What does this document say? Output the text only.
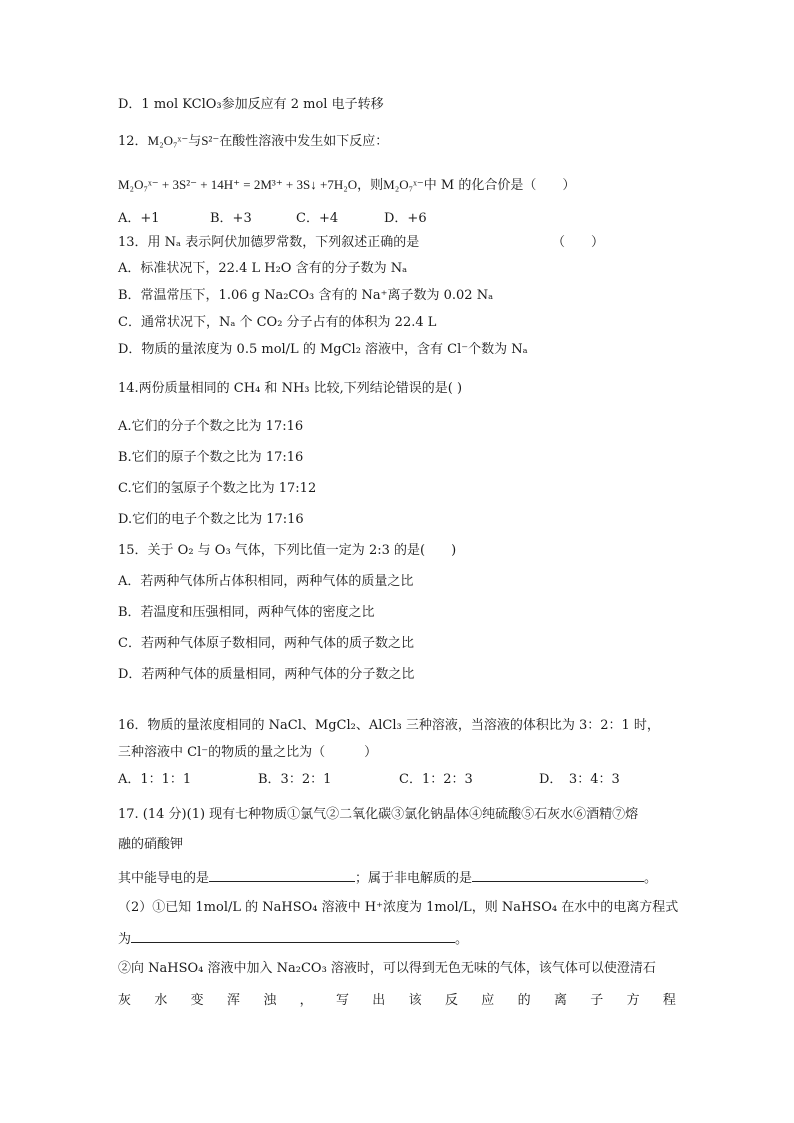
D．1 mol KClO₃参加反应有 2 mol 电子转移
12．M₂O₇ˣ⁻与S²⁻在酸性溶液中发生如下反应：
M₂O₇ˣ⁻ + 3S²⁻ + 14H⁺ = 2M³⁺ + 3S↓ +7H₂O，则M₂O₇ˣ⁻中 M 的化合价是（　　）
A．+1	B．+3	C．+4	D．+6
13．用 Nₐ 表示阿伏加德罗常数，下列叙述正确的是	（　　）
A．标准状况下，22.4 L H₂O 含有的分子数为 Nₐ
B．常温常压下，1.06 g Na₂CO₃ 含有的 Na⁺离子数为 0.02 Nₐ
C．通常状况下，Nₐ 个 CO₂ 分子占有的体积为 22.4 L
D．物质的量浓度为 0.5 mol/L 的 MgCl₂ 溶液中，含有 Cl⁻个数为 Nₐ
14.两份质量相同的 CH₄ 和 NH₃ 比较,下列结论错误的是( )
A.它们的分子个数之比为 17:16
B.它们的原子个数之比为 17:16
C.它们的氢原子个数之比为 17:12
D.它们的电子个数之比为 17:16
15．关于 O₂ 与 O₃ 气体，下列比值一定为 2:3 的是(　　)
A．若两种气体所占体积相同，两种气体的质量之比
B．若温度和压强相同，两种气体的密度之比
C．若两种气体原子数相同，两种气体的质子数之比
D．若两种气体的质量相同，两种气体的分子数之比
16．物质的量浓度相同的 NaCl、MgCl₂、AlCl₃ 三种溶液，当溶液的体积比为 3：2：1 时，
三种溶液中 Cl⁻的物质的量之比为（　　　）
A．1：1：1	B．3：2：1	C．1：2：3	D．　3：4：3
17. (14 分)(1) 现有七种物质①氯气②二氧化碳③氯化钠晶体④纯硫酸⑤石灰水⑥酒精⑦熔
融的硝酸钾
其中能导电的是	；属于非电解质的是	。
（2）①已知 1mol/L 的 NaHSO₄ 溶液中 H⁺浓度为 1mol/L，则 NaHSO₄ 在水中的电离方程式
为	。
②向 NaHSO₄ 溶液中加入 Na₂CO₃ 溶液时，可以得到无色无味的气体，该气体可以使澄清石
灰 水 变 浑 浊 ， 写 出 该 反 应 的 离 子 方 程
